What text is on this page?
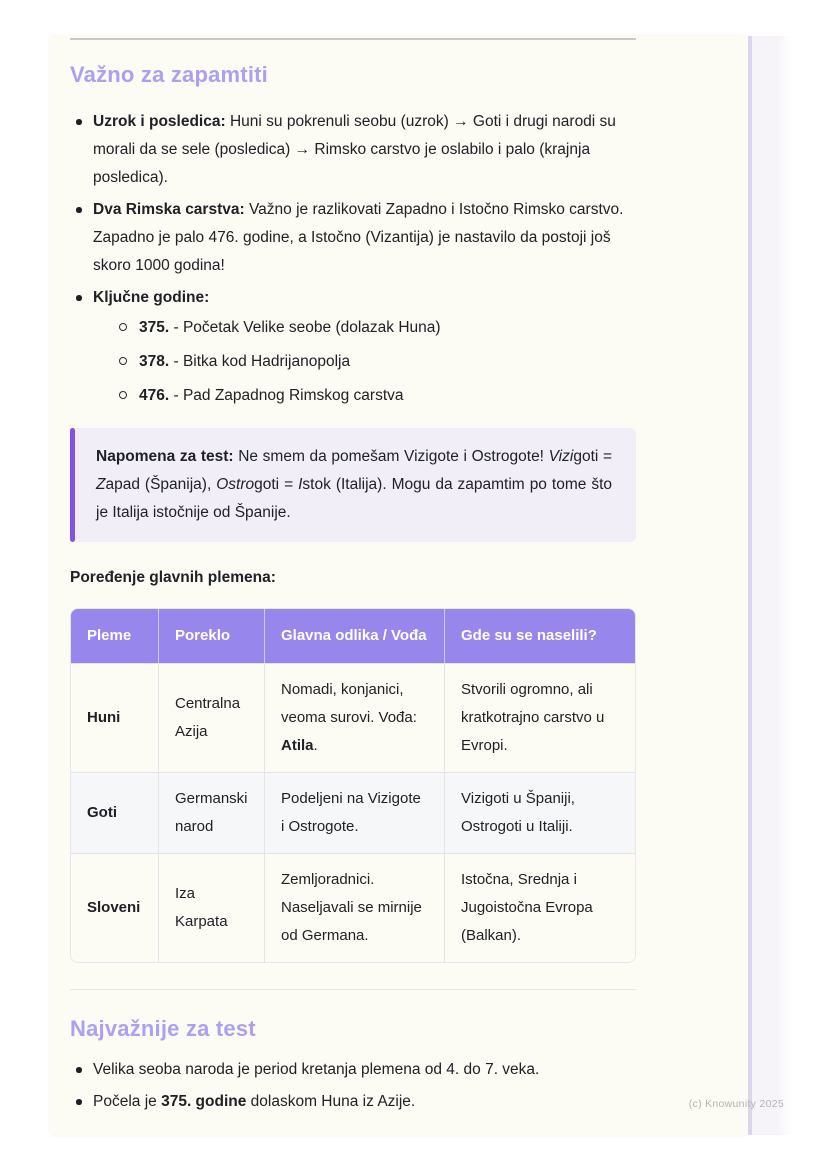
Važno za zapamtiti
Uzrok i posledica: Huni su pokrenuli seobu (uzrok) → Goti i drugi narodi su morali da se sele (posledica) → Rimsko carstvo je oslabilo i palo (krajnja posledica).
Dva Rimska carstva: Važno je razlikovati Zapadno i Istočno Rimsko carstvo. Zapadno je palo 476. godine, a Istočno (Vizantija) je nastavilo da postoji još skoro 1000 godina!
Ključne godine:
375. - Početak Velike seobe (dolazak Huna)
378. - Bitka kod Hadrijanopolja
476. - Pad Zapadnog Rimskog carstva

Napomena za test: Ne smem da pomešam Vizigote i Ostrogote! Vizigoti = Zapad (Španija), Ostrogoti = Istok (Italija). Mogu da zapamtim po tome što je Italija istočnije od Španije.

Poređenje glavnih plemena:

Pleme	Poreklo	Glavna odlika / Vođa	Gde su se naselili?
Huni	Centralna Azija	Nomadi, konjanici, veoma surovi. Vođa: Atila.	Stvorili ogromno, ali kratkotrajno carstvo u Evropi.
Goti	Germanski narod	Podeljeni na Vizigote i Ostrogote.	Vizigoti u Španiji, Ostrogoti u Italiji.
Sloveni	Iza Karpata	Zemljoradnici. Naseljavali se mirnije od Germana.	Istočna, Srednja i Jugoistočna Evropa (Balkan).
Najvažnije za test
Velika seoba naroda je period kretanja plemena od 4. do 7. veka.
Počela je 375. godine dolaskom Huna iz Azije.	(c) Knowunity 2025
